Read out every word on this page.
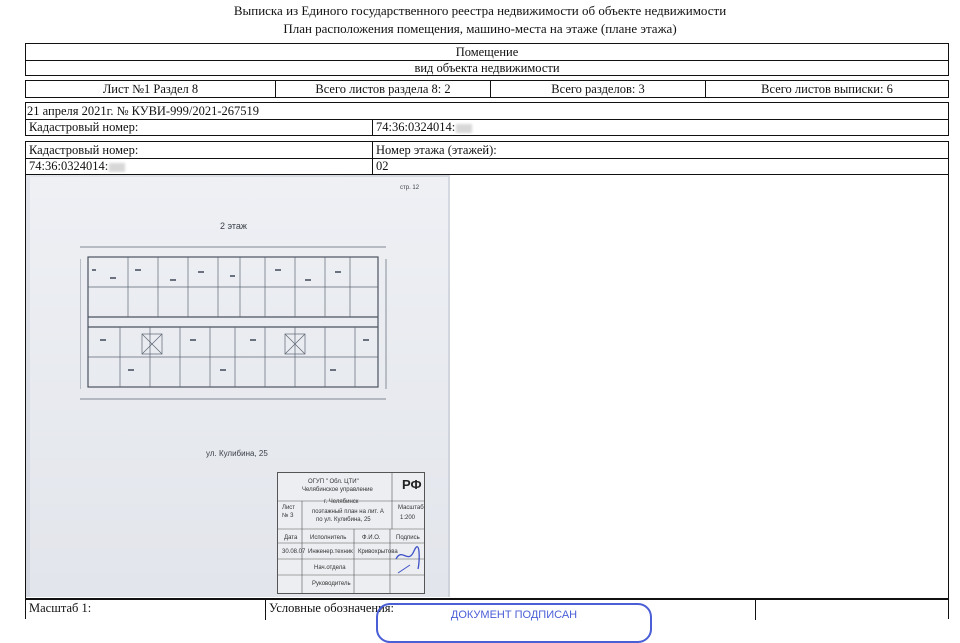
Выписка из Единого государственного реестра недвижимости об объекте недвижимости
План расположения помещения, машино-места на этаже (плане этажа)
Помещение
вид объекта недвижимости
Лист №1 Раздел 8	Всего листов раздела 8: 2	Всего разделов: 3	Всего листов выписки: 6
21 апреля 2021г. № КУВИ-999/2021-267519
Кадастровый номер:	74:36:0324014:
Кадастровый номер:	Номер этажа (этажей):
74:36:0324014:	02
стр. 12
2 этаж
ул. Кулибина, 25
ОГУП " Обл. ЦТИ"
Челябинское управление РФ
г. Челябинск
Лист
№ 3
поэтажный план на лит. А
по ул. Кулибина, 25
Масштаб
1:200
Дата Исполнитель	Ф.И.О.	Подпись
30.08.07 Инженер.техник Кривохрытова
Нач.отдела
Руководитель
Масштаб 1:	Условные обозначения:	ДОКУМЕНТ ПОДПИСАН
